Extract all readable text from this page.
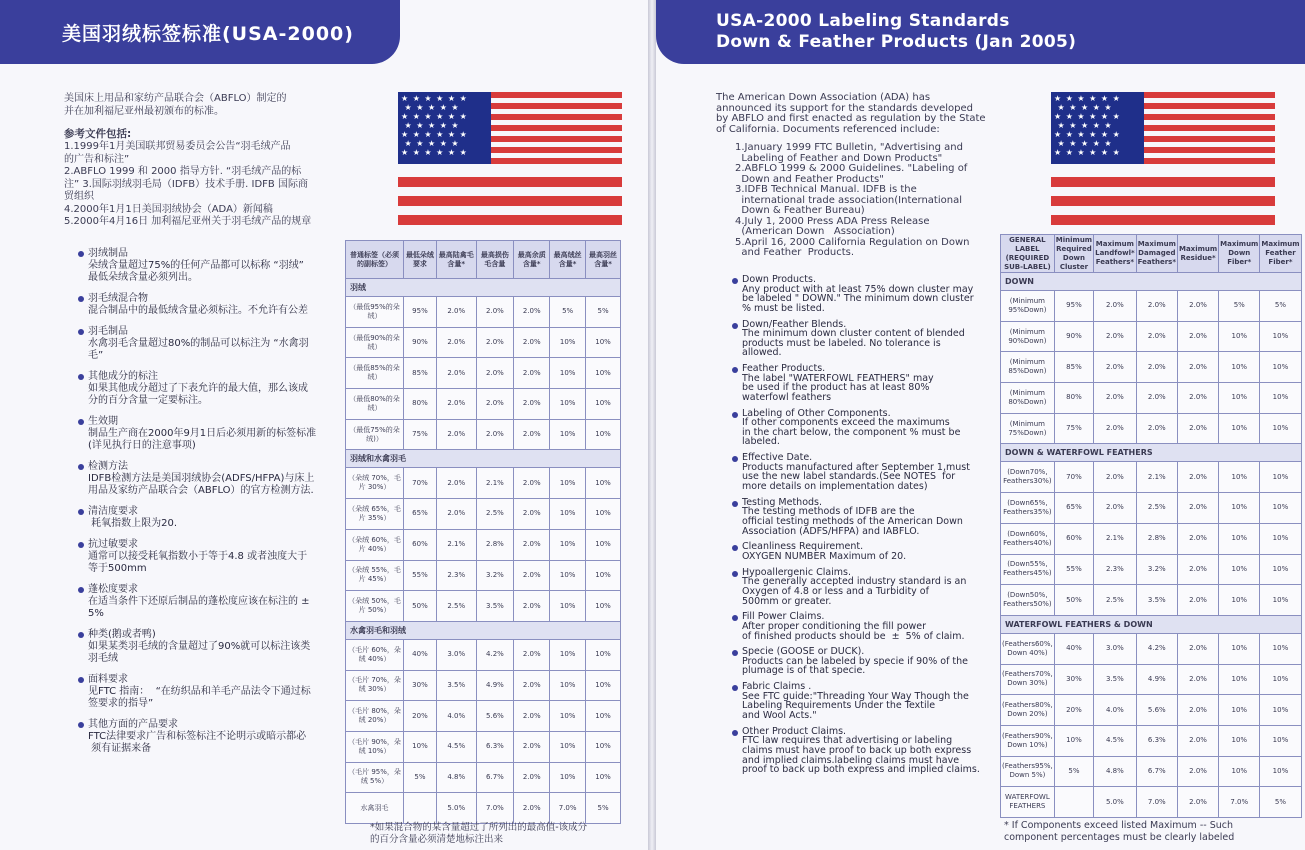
美国羽绒标签标准(USA-2000)
美国床上用品和家纺产品联合会（ABFLO）制定的
并在加利福尼亚州最初颁布的标准。
参考文件包括:
1.1999年1月美国联邦贸易委员会公告“羽毛绒产品
的广告和标注”
2.ABFLO 1999 和 2000 指导方针. “羽毛绒产品的标
注” 3.国际羽绒羽毛局（IDFB）技术手册. IDFB 国际商
贸组织
4.2000年1月1日美国羽绒协会（ADA）新闻稿
5.2000年4月16日 加利福尼亚州关于羽毛绒产品的规章
★ ★ ★ ★ ★ ★
★ ★ ★ ★ ★
★ ★ ★ ★ ★ ★
★ ★ ★ ★ ★
★ ★ ★ ★ ★ ★
★ ★ ★ ★ ★
★ ★ ★ ★ ★ ★
羽绒制品
朵绒含量超过75%的任何产品都可以标称 “羽绒”
最低朵绒含量必须列出。
羽毛绒混合物
混合制品中的最低绒含量必须标注。不允许有公差
羽毛制品
水禽羽毛含量超过80%的制品可以标注为 “水禽羽
毛”
其他成分的标注
如果其他成分超过了下表允许的最大值，那么该成
分的百分含量一定要标注。
生效期
制品生产商在2000年9月1日后必须用新的标签标准
(详见执行日的注意事项)
检测方法
IDFB检测方法是美国羽绒协会(ADFS/HFPA)与床上
用品及家纺产品联合会（ABFLO）的官方检测方法.
清洁度要求
耗氧指数上限为20.
抗过敏要求
通常可以接受耗氧指数小于等于4.8 或者浊度大于
等于500mm
蓬松度要求
在适当条件下还原后制品的蓬松度应该在标注的 ±
5%
种类(鹅或者鸭)
如果某类羽毛绒的含量超过了90%就可以标注该类
羽毛绒
面料要求
见FTC 指南：  “在纺织品和羊毛产品法令下通过标
签要求的指导”
其他方面的产品要求
FTC法律要求广告和标签标注不论明示或暗示都必
须有证据来备
普通标签（必须的副标签）	最低朵绒要求	最高陆禽毛含量*	最高损伤毛含量	最高余质含量*	最高绒丝含量*	最高羽丝含量*
羽绒						
（最低95%的朵绒）	95%	2.0%	2.0%	2.0%	5%	5%
（最低90%的朵绒）	90%	2.0%	2.0%	2.0%	10%	10%
（最低85%的朵绒）	85%	2.0%	2.0%	2.0%	10%	10%
（最低80%的朵绒）	80%	2.0%	2.0%	2.0%	10%	10%
（最低75%的朵绒)）	75%	2.0%	2.0%	2.0%	10%	10%
羽绒和水禽羽毛						
（朵绒 70%，毛片 30%）	70%	2.0%	2.1%	2.0%	10%	10%
（朵绒 65%，毛片 35%）	65%	2.0%	2.5%	2.0%	10%	10%
（朵绒 60%，毛片 40%）	60%	2.1%	2.8%	2.0%	10%	10%
（朵绒 55%，毛片 45%）	55%	2.3%	3.2%	2.0%	10%	10%
（朵绒 50%，毛片 50%）	50%	2.5%	3.5%	2.0%	10%	10%
水禽羽毛和羽绒						
（毛片 60%，朵绒 40%）	40%	3.0%	4.2%	2.0%	10%	10%
（毛片 70%，朵绒 30%）	30%	3.5%	4.9%	2.0%	10%	10%
（毛片 80%，朵绒 20%）	20%	4.0%	5.6%	2.0%	10%	10%
（毛片 90%，朵绒 10%）	10%	4.5%	6.3%	2.0%	10%	10%
（毛片 95%，朵绒 5%）	5%	4.8%	6.7%	2.0%	10%	10%
水禽羽毛		5.0%	7.0%	2.0%	7.0%	5%
*如果混合物的某含量超过了所列出的最高值-该成分
的百分含量必须清楚地标注出来
USA-2000 Labeling Standards
Down & Feather Products (Jan 2005)
The American Down Association (ADA) has
announced its support for the standards developed
by ABFLO and first enacted as regulation by the State
of California. Documents referenced include:
1.January 1999 FTC Bulletin, "Advertising and
Labeling of Feather and Down Products"
2.ABFLO 1999 & 2000 Guidelines. "Labeling of
Down and Feather Products"
3.IDFB Technical Manual. IDFB is the
international trade association(International
Down & Feather Bureau)
4.July 1, 2000 Press ADA Press Release
(American Down   Association)
5.April 16, 2000 California Regulation on Down
and Feather  Products.
★ ★ ★ ★ ★ ★
★ ★ ★ ★ ★
★ ★ ★ ★ ★ ★
★ ★ ★ ★ ★
★ ★ ★ ★ ★ ★
★ ★ ★ ★ ★
★ ★ ★ ★ ★ ★
Down Products.
Any product with at least 75% down cluster may
be labeled " DOWN." The minimum down cluster
% must be listed.
Down/Feather Blends.
The minimum down cluster content of blended
products must be labeled. No tolerance is
allowed.
Feather Products.
The label "WATERFOWL FEATHERS" may
be used if the product has at least 80%
waterfowl feathers
Labeling of Other Components.
If other components exceed the maximums
in the chart below, the component % must be
labeled.
Effective Date.
Products manufactured after September 1,must
use the new label standards.(See NOTES  for
more details on implementation dates)
Testing Methods.
The testing methods of IDFB are the
official testing methods of the American Down
Association (ADFS/HFPA) and IABFLO.
Cleanliness Requirement.
OXYGEN NUMBER Maximum of 20.
Hypoallergenic Claims.
The generally accepted industry standard is an
Oxygen of 4.8 or less and a Turbidity of
500mm or greater.
Fill Power Claims.
After proper conditioning the fill power
of finished products should be  ±  5% of claim.
Specie (GOOSE or DUCK).
Products can be labeled by specie if 90% of the
plumage is of that specie.
Fabric Claims .
See FTC guide:"Threading Your Way Though the
Labeling Requirements Under the Textile
and Wool Acts."
Other Product Claims.
FTC law requires that advertising or labeling
claims must have proof to back up both express
and implied claims.labeling claims must have
proof to back up both express and implied claims.
GENERAL LABEL (REQUIRED SUB-LABEL)	Minimum Required Down Cluster	Maximum Landfowl* Feathers*	Maximum Damaged Feathers*	Maximum Residue*	Maximum Down Fiber*	Maximum Feather Fiber*
DOWN						
(Minimum 95%Down)	95%	2.0%	2.0%	2.0%	5%	5%
(Minimum 90%Down)	90%	2.0%	2.0%	2.0%	10%	10%
(Minimum 85%Down)	85%	2.0%	2.0%	2.0%	10%	10%
(Minimum 80%Down)	80%	2.0%	2.0%	2.0%	10%	10%
(Minimum 75%Down)	75%	2.0%	2.0%	2.0%	10%	10%
DOWN & WATERFOWL FEATHERS						
(Down70%, Feathers30%)	70%	2.0%	2.1%	2.0%	10%	10%
(Down65%, Feathers35%)	65%	2.0%	2.5%	2.0%	10%	10%
(Down60%, Feathers40%)	60%	2.1%	2.8%	2.0%	10%	10%
(Down55%, Feathers45%)	55%	2.3%	3.2%	2.0%	10%	10%
(Down50%, Feathers50%)	50%	2.5%	3.5%	2.0%	10%	10%
WATERFOWL FEATHERS & DOWN						
(Feathers60%, Down 40%)	40%	3.0%	4.2%	2.0%	10%	10%
(Feathers70%, Down 30%)	30%	3.5%	4.9%	2.0%	10%	10%
(Feathers80%, Down 20%)	20%	4.0%	5.6%	2.0%	10%	10%
(Feathers90%, Down 10%)	10%	4.5%	6.3%	2.0%	10%	10%
(Feathers95%, Down 5%)	5%	4.8%	6.7%	2.0%	10%	10%
WATERFOWL FEATHERS		5.0%	7.0%	2.0%	7.0%	5%
* If Components exceed listed Maximum -- Such
component percentages must be clearly labeled
